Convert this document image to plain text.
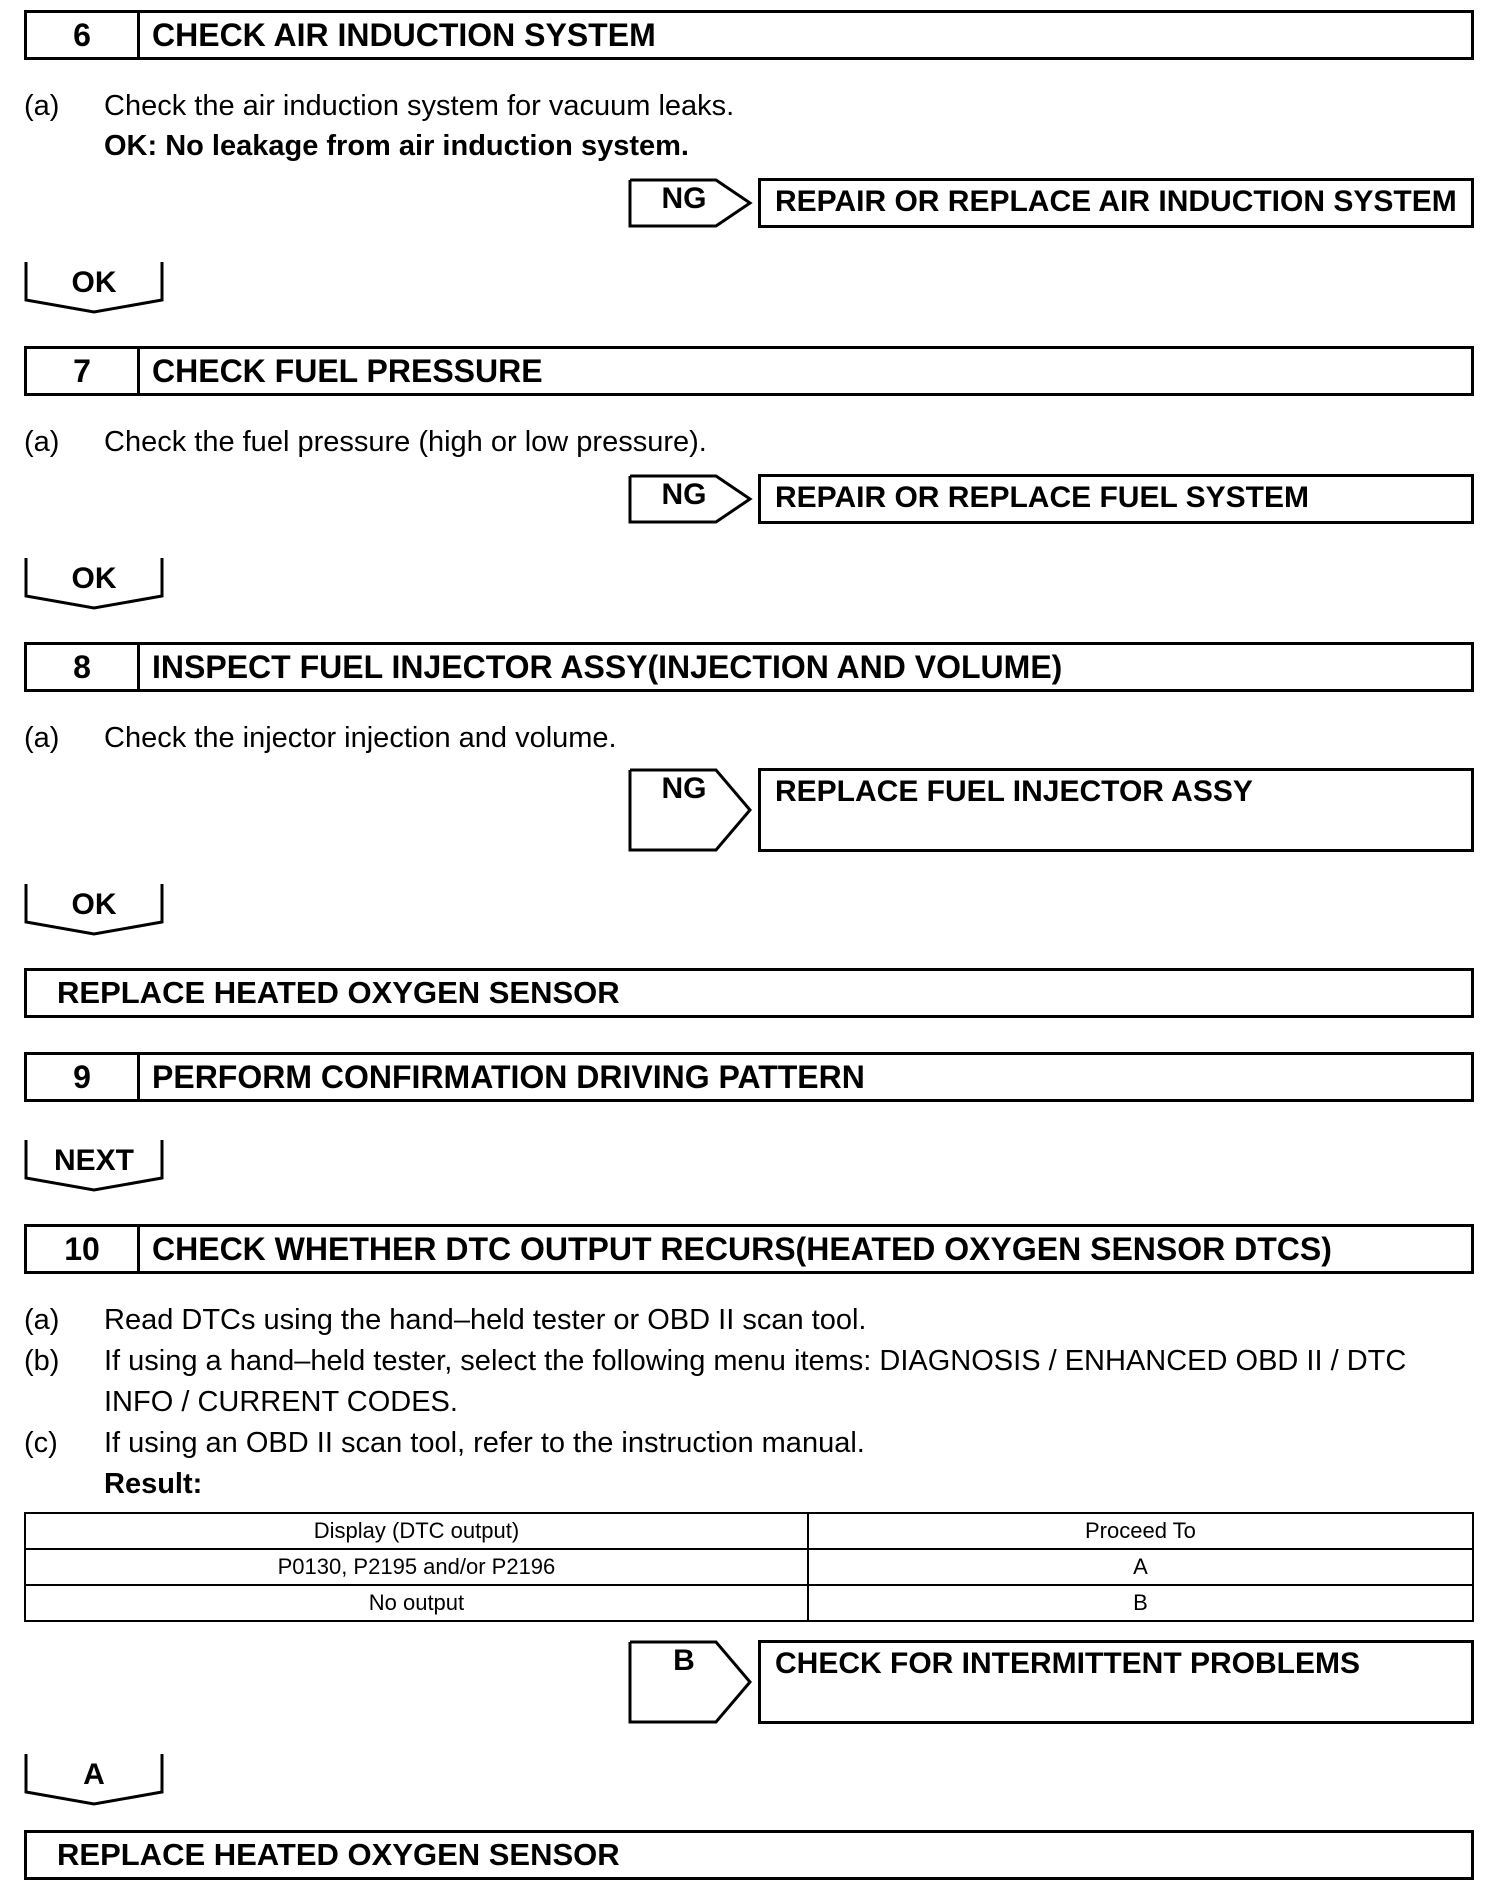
6	CHECK AIR INDUCTION SYSTEM
(a) Check the air induction system for vacuum leaks.
OK: No leakage from air induction system.
NG	REPAIR OR REPLACE AIR INDUCTION SYSTEM
OK
7	CHECK FUEL PRESSURE
(a) Check the fuel pressure (high or low pressure).
NG	REPAIR OR REPLACE FUEL SYSTEM
OK
8	INSPECT FUEL INJECTOR ASSY(INJECTION AND VOLUME)
(a) Check the injector injection and volume.
NG	REPLACE FUEL INJECTOR ASSY
OK
REPLACE HEATED OXYGEN SENSOR
9	PERFORM CONFIRMATION DRIVING PATTERN
NEXT
10	CHECK WHETHER DTC OUTPUT RECURS(HEATED OXYGEN SENSOR DTCS)
(a) Read DTCs using the hand–held tester or OBD II scan tool.
(b) If using a hand–held tester, select the following menu items: DIAGNOSIS / ENHANCED OBD II / DTC
INFO / CURRENT CODES.
(c) If using an OBD II scan tool, refer to the instruction manual.
Result:
Display (DTC output)	Proceed To
P0130, P2195 and/or P2196	A
No output	B
B	CHECK FOR INTERMITTENT PROBLEMS
A
REPLACE HEATED OXYGEN SENSOR
